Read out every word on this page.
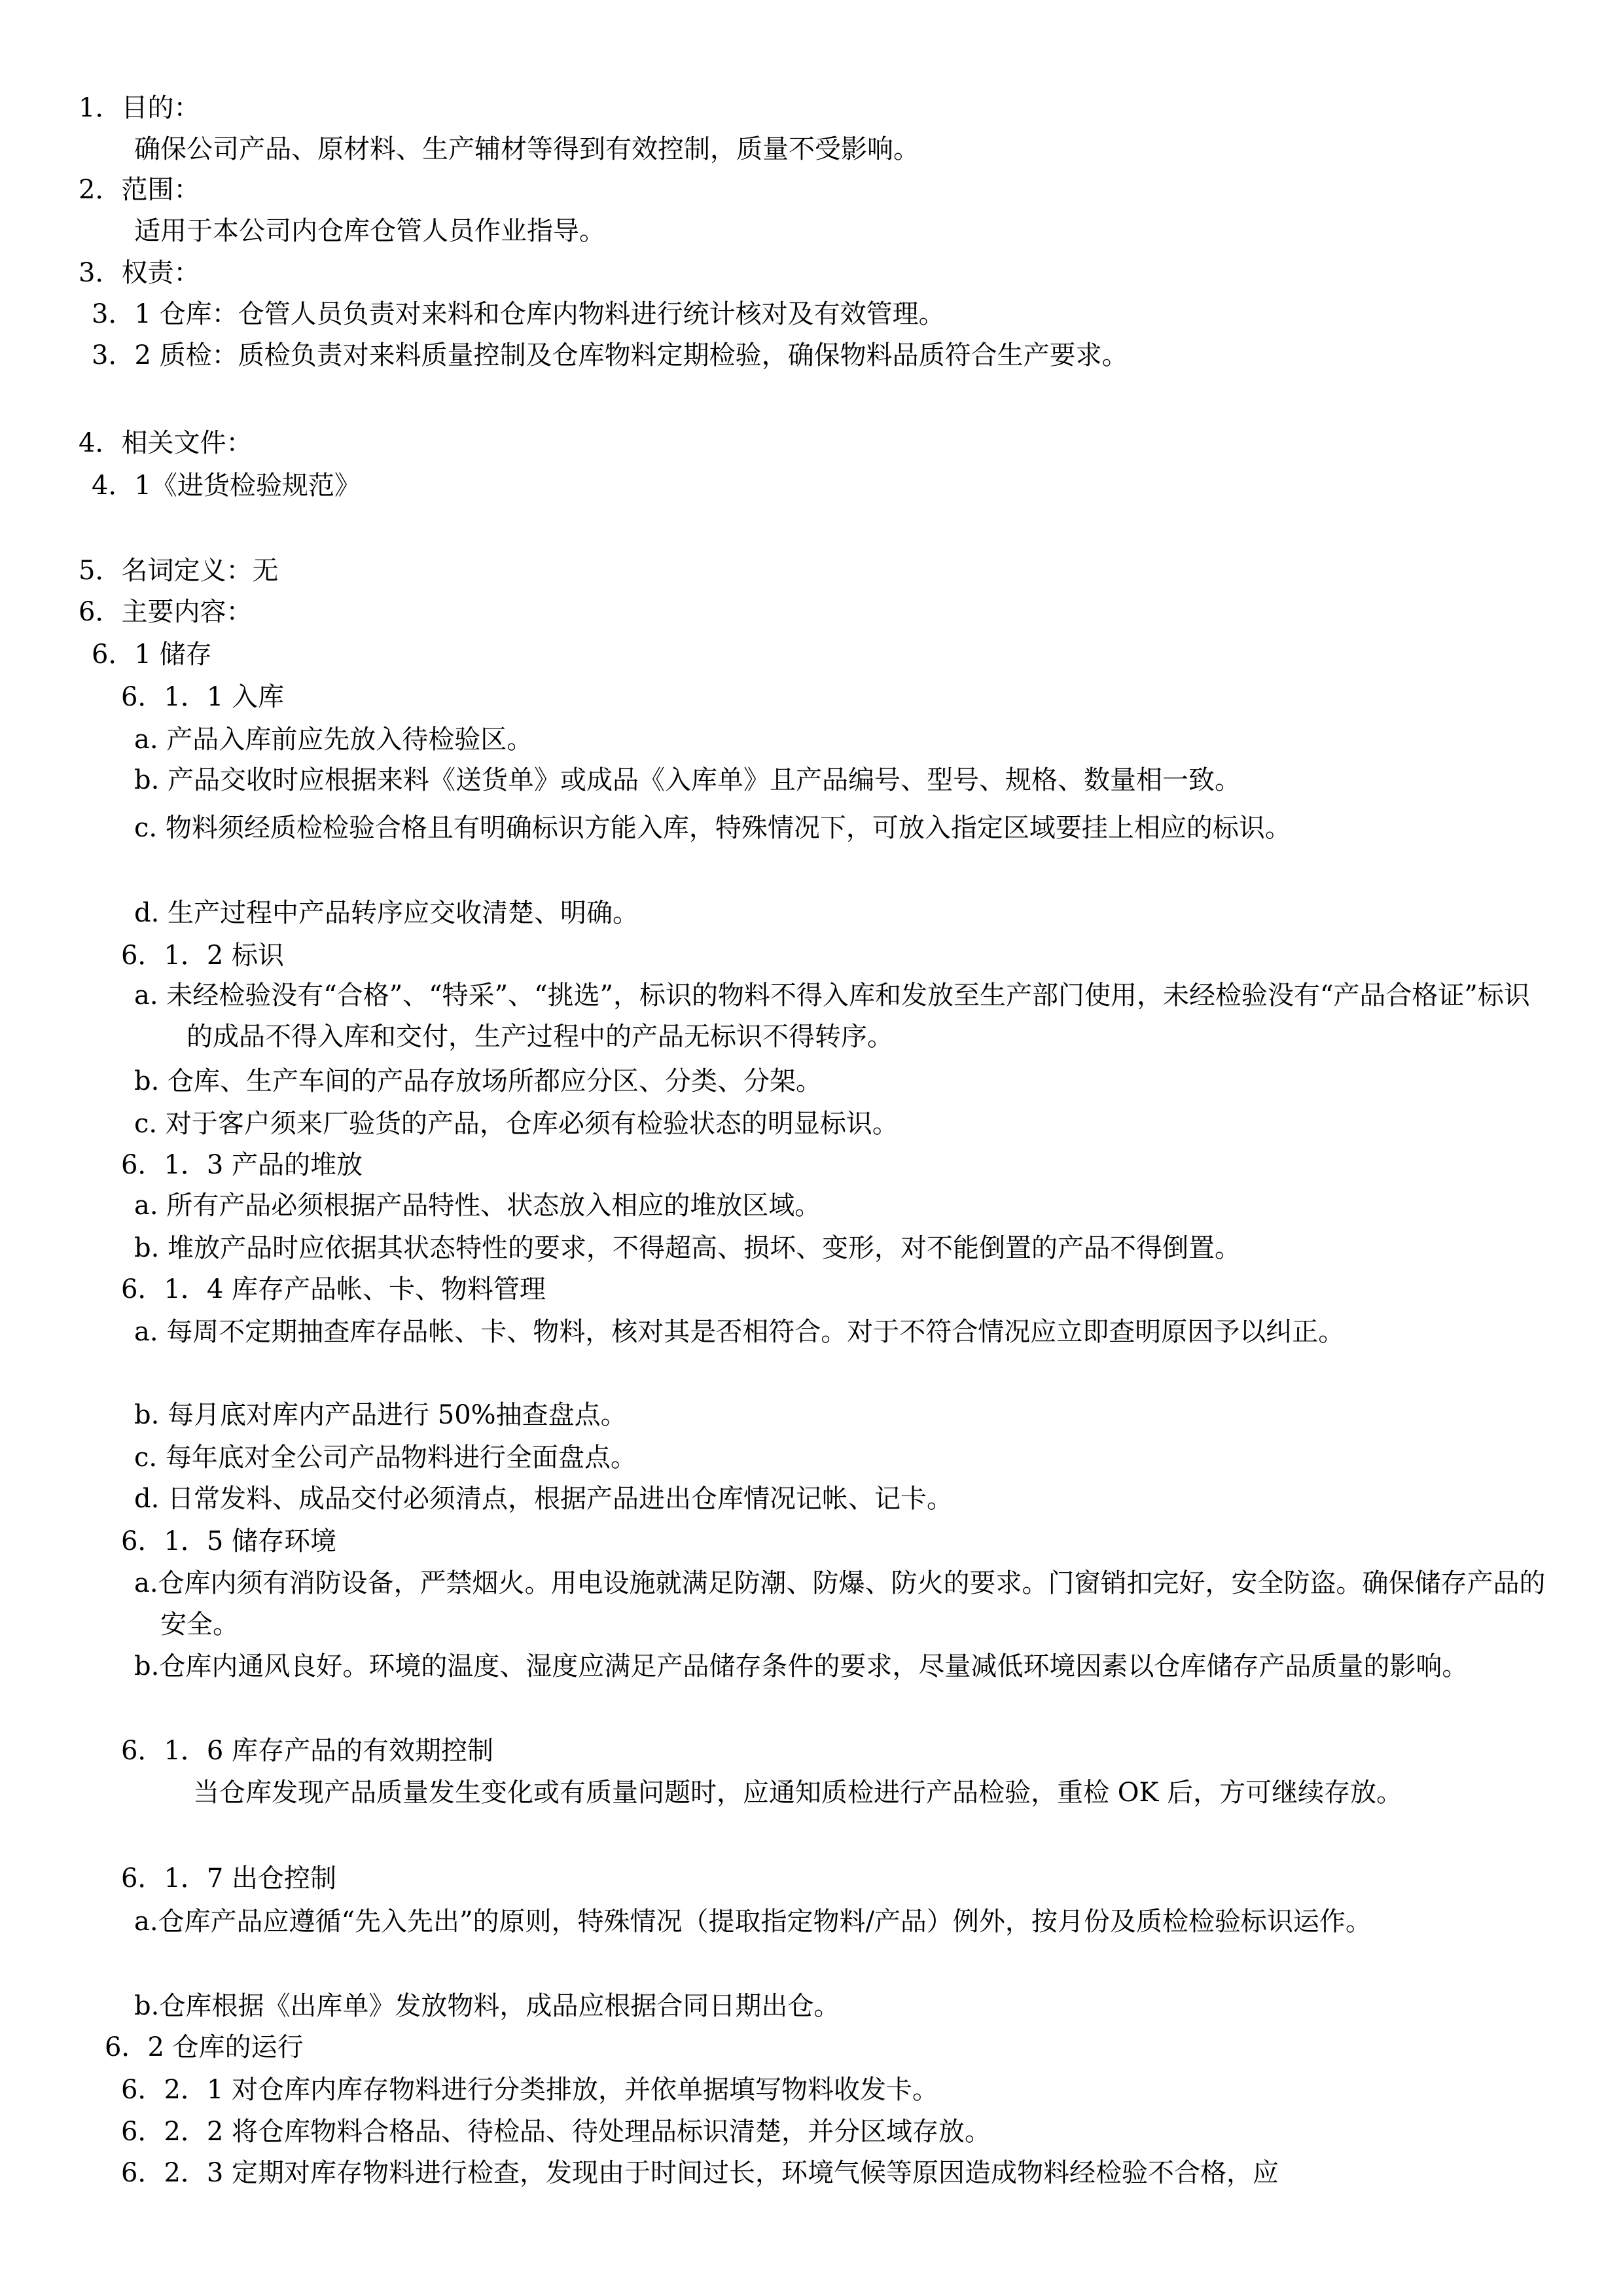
1．目的：
确保公司产品、原材料、生产辅材等得到有效控制，质量不受影响。
2．范围：
适用于本公司内仓库仓管人员作业指导。
3．权责：
3．1 仓库：仓管人员负责对来料和仓库内物料进行统计核对及有效管理。
3．2 质检：质检负责对来料质量控制及仓库物料定期检验，确保物料品质符合生产要求。
4．相关文件：
4．1《进货检验规范》
5．名词定义：无
6．主要内容：
6．1 储存
6．1．1 入库
a. 产品入库前应先放入待检验区。
b. 产品交收时应根据来料《送货单》或成品《入库单》且产品编号、型号、规格、数量相一致。
c. 物料须经质检检验合格且有明确标识方能入库，特殊情况下，可放入指定区域要挂上相应的标识。
d. 生产过程中产品转序应交收清楚、明确。
6．1．2 标识
a. 未经检验没有“合格”、“特采”、“挑选”，标识的物料不得入库和发放至生产部门使用，未经检验没有“产品合格证”标识的成品不得入库和交付，生产过程中的产品无标识不得转序。
b. 仓库、生产车间的产品存放场所都应分区、分类、分架。
c. 对于客户须来厂验货的产品，仓库必须有检验状态的明显标识。
6．1．3 产品的堆放
a. 所有产品必须根据产品特性、状态放入相应的堆放区域。
b. 堆放产品时应依据其状态特性的要求，不得超高、损坏、变形，对不能倒置的产品不得倒置。
6．1．4 库存产品帐、卡、物料管理
a. 每周不定期抽查库存品帐、卡、物料，核对其是否相符合。对于不符合情况应立即查明原因予以纠正。
b. 每月底对库内产品进行 50%抽查盘点。
c. 每年底对全公司产品物料进行全面盘点。
d. 日常发料、成品交付必须清点，根据产品进出仓库情况记帐、记卡。
6．1．5 储存环境
a.仓库内须有消防设备，严禁烟火。用电设施就满足防潮、防爆、防火的要求。门窗销扣完好，安全防盗。确保储存产品的安全。
b.仓库内通风良好。环境的温度、湿度应满足产品储存条件的要求，尽量减低环境因素以仓库储存产品质量的影响。
6．1．6 库存产品的有效期控制
当仓库发现产品质量发生变化或有质量问题时，应通知质检进行产品检验，重检 OK 后，方可继续存放。
6．1．7 出仓控制
a.仓库产品应遵循“先入先出”的原则，特殊情况（提取指定物料/产品）例外，按月份及质检检验标识运作。
b.仓库根据《出库单》发放物料，成品应根据合同日期出仓。
6．2 仓库的运行
6．2．1 对仓库内库存物料进行分类排放，并依单据填写物料收发卡。
6．2．2 将仓库物料合格品、待检品、待处理品标识清楚，并分区域存放。
6．2．3 定期对库存物料进行检查，发现由于时间过长，环境气候等原因造成物料经检验不合格，应
